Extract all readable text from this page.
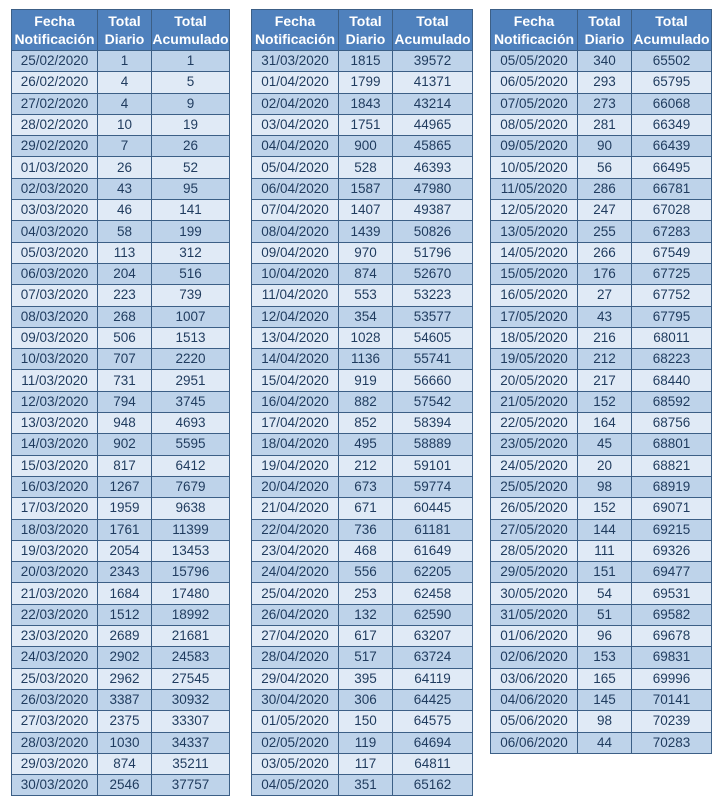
Fecha Notificación	Total Diario	Total Acumulado
25/02/2020	1	1
26/02/2020	4	5
27/02/2020	4	9
28/02/2020	10	19
29/02/2020	7	26
01/03/2020	26	52
02/03/2020	43	95
03/03/2020	46	141
04/03/2020	58	199
05/03/2020	113	312
06/03/2020	204	516
07/03/2020	223	739
08/03/2020	268	1007
09/03/2020	506	1513
10/03/2020	707	2220
11/03/2020	731	2951
12/03/2020	794	3745
13/03/2020	948	4693
14/03/2020	902	5595
15/03/2020	817	6412
16/03/2020	1267	7679
17/03/2020	1959	9638
18/03/2020	1761	11399
19/03/2020	2054	13453
20/03/2020	2343	15796
21/03/2020	1684	17480
22/03/2020	1512	18992
23/03/2020	2689	21681
24/03/2020	2902	24583
25/03/2020	2962	27545
26/03/2020	3387	30932
27/03/2020	2375	33307
28/03/2020	1030	34337
29/03/2020	874	35211
30/03/2020	2546	37757
Fecha Notificación	Total Diario	Total Acumulado
31/03/2020	1815	39572
01/04/2020	1799	41371
02/04/2020	1843	43214
03/04/2020	1751	44965
04/04/2020	900	45865
05/04/2020	528	46393
06/04/2020	1587	47980
07/04/2020	1407	49387
08/04/2020	1439	50826
09/04/2020	970	51796
10/04/2020	874	52670
11/04/2020	553	53223
12/04/2020	354	53577
13/04/2020	1028	54605
14/04/2020	1136	55741
15/04/2020	919	56660
16/04/2020	882	57542
17/04/2020	852	58394
18/04/2020	495	58889
19/04/2020	212	59101
20/04/2020	673	59774
21/04/2020	671	60445
22/04/2020	736	61181
23/04/2020	468	61649
24/04/2020	556	62205
25/04/2020	253	62458
26/04/2020	132	62590
27/04/2020	617	63207
28/04/2020	517	63724
29/04/2020	395	64119
30/04/2020	306	64425
01/05/2020	150	64575
02/05/2020	119	64694
03/05/2020	117	64811
04/05/2020	351	65162
Fecha Notificación	Total Diario	Total Acumulado
05/05/2020	340	65502
06/05/2020	293	65795
07/05/2020	273	66068
08/05/2020	281	66349
09/05/2020	90	66439
10/05/2020	56	66495
11/05/2020	286	66781
12/05/2020	247	67028
13/05/2020	255	67283
14/05/2020	266	67549
15/05/2020	176	67725
16/05/2020	27	67752
17/05/2020	43	67795
18/05/2020	216	68011
19/05/2020	212	68223
20/05/2020	217	68440
21/05/2020	152	68592
22/05/2020	164	68756
23/05/2020	45	68801
24/05/2020	20	68821
25/05/2020	98	68919
26/05/2020	152	69071
27/05/2020	144	69215
28/05/2020	111	69326
29/05/2020	151	69477
30/05/2020	54	69531
31/05/2020	51	69582
01/06/2020	96	69678
02/06/2020	153	69831
03/06/2020	165	69996
04/06/2020	145	70141
05/06/2020	98	70239
06/06/2020	44	70283
